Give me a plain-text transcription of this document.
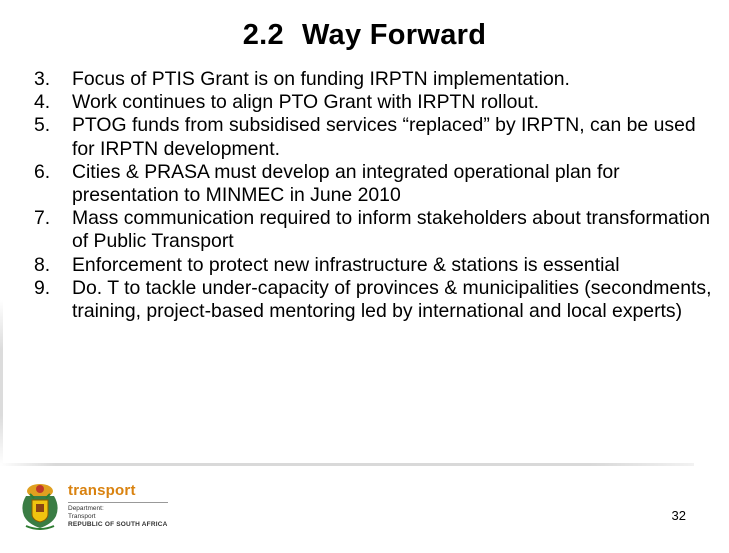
2.2 Way Forward
3.	Focus of PTIS Grant is on funding IRPTN implementation.
4.	Work continues to align PTO Grant with IRPTN rollout.
5.	PTOG funds from subsidised services “replaced” by IRPTN, can be used for IRPTN development.
6.	Cities & PRASA must develop an integrated operational plan for presentation to MINMEC in June 2010
7.	Mass communication required to inform stakeholders about transformation of Public Transport
8.	Enforcement to protect new infrastructure & stations is essential
9.	Do. T to tackle under-capacity of provinces & municipalities (secondments, training, project-based mentoring led by international and local experts)
transport
Department:
Transport
REPUBLIC OF SOUTH AFRICA
32
